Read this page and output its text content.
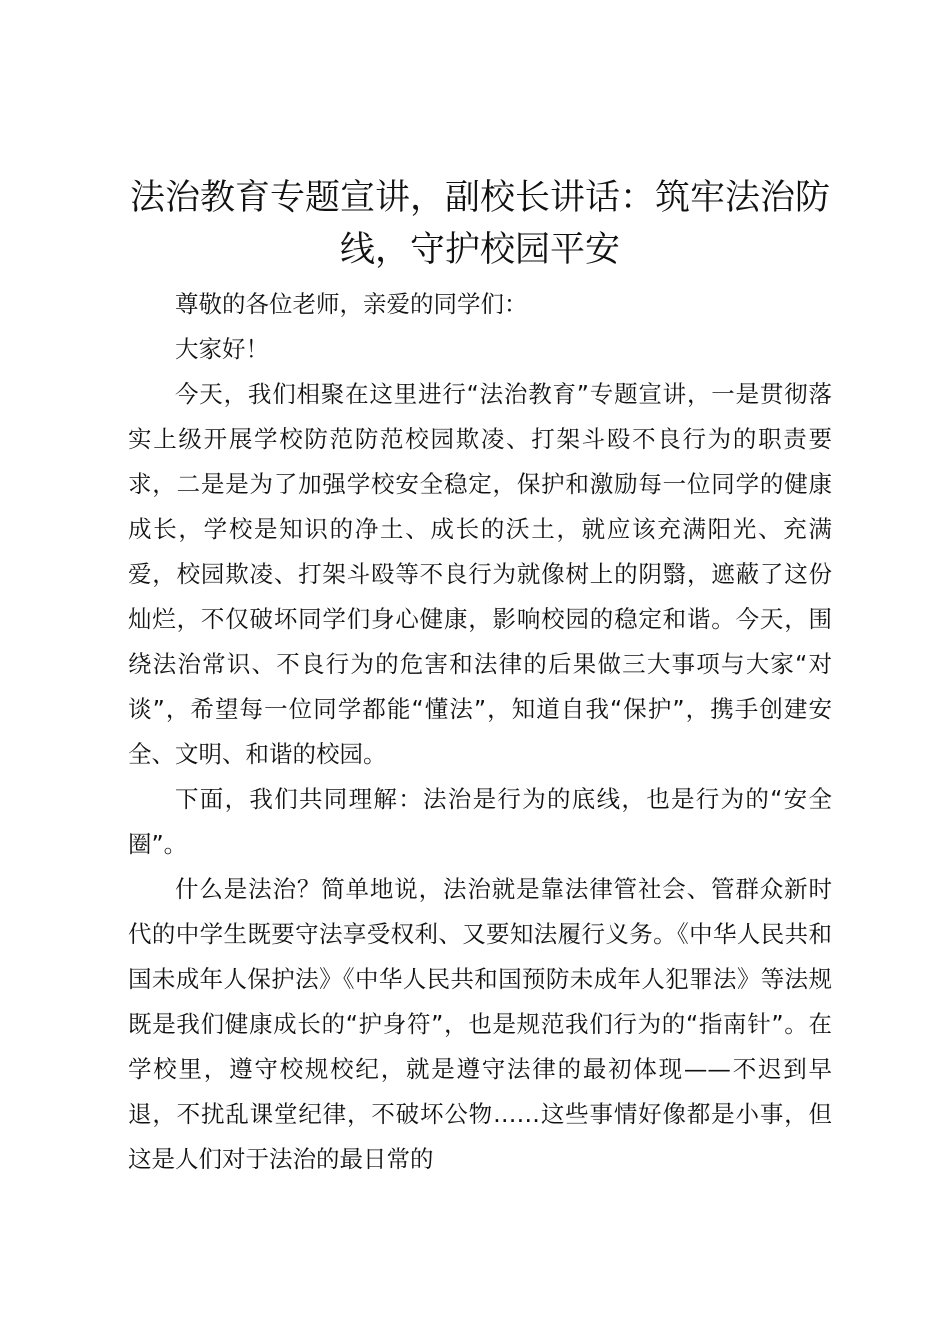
法治教育专题宣讲，副校长讲话：筑牢法治防线，守护校园平安

尊敬的各位老师，亲爱的同学们：

大家好！

今天，我们相聚在这里进行“法治教育”专题宣讲，一是贯彻落实上级开展学校防范防范校园欺凌、打架斗殴不良行为的职责要求，二是是为了加强学校安全稳定，保护和激励每一位同学的健康成长，学校是知识的净土、成长的沃土，就应该充满阳光、充满爱，校园欺凌、打架斗殴等不良行为就像树上的阴翳，遮蔽了这份灿烂，不仅破坏同学们身心健康，影响校园的稳定和谐。今天，围绕法治常识、不良行为的危害和法律的后果做三大事项与大家“对谈”，希望每一位同学都能“懂法”，知道自我“保护”，携手创建安全、文明、和谐的校园。

下面，我们共同理解：法治是行为的底线，也是行为的“安全圈”。

什么是法治？简单地说，法治就是靠法律管社会、管群众新时代的中学生既要守法享受权利、又要知法履行义务。《中华人民共和国未成年人保护法》《中华人民共和国预防未成年人犯罪法》等法规既是我们健康成长的“护身符”，也是规范我们行为的“指南针”。在学校里，遵守校规校纪，就是遵守法律的最初体现——不迟到早退，不扰乱课堂纪律，不破坏公物……这些事情好像都是小事，但这是人们对于法治的最日常的
